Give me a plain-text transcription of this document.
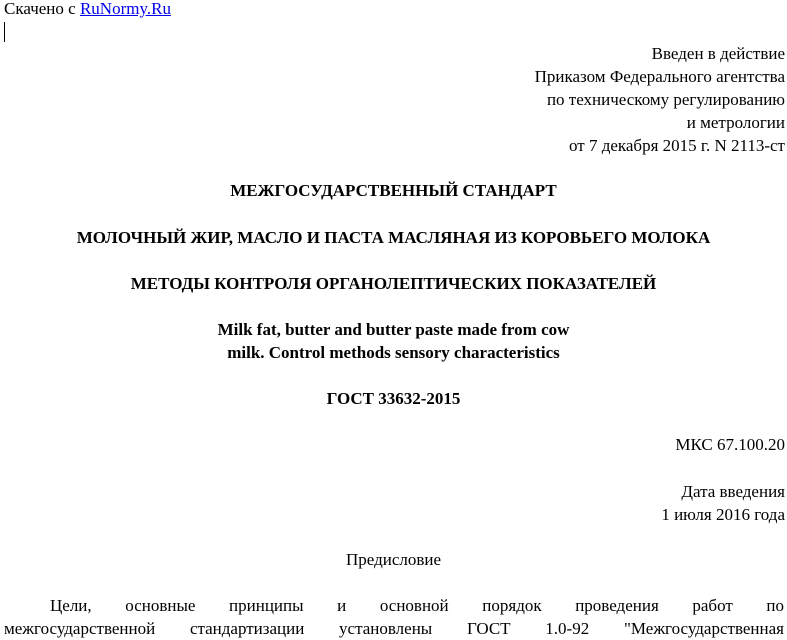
Скачено с RuNormy.Ru
Введен в действие
Приказом Федерального агентства
по техническому регулированию
и метрологии
от 7 декабря 2015 г. N 2113-ст
МЕЖГОСУДАРСТВЕННЫЙ СТАНДАРТ
МОЛОЧНЫЙ ЖИР, МАСЛО И ПАСТА МАСЛЯНАЯ ИЗ КОРОВЬЕГО МОЛОКА
МЕТОДЫ КОНТРОЛЯ ОРГАНОЛЕПТИЧЕСКИХ ПОКАЗАТЕЛЕЙ
Milk fat, butter and butter paste made from cow
milk. Control methods sensory characteristics
ГОСТ 33632-2015
МКС 67.100.20
Дата введения
1 июля 2016 года
Предисловие
Цели, основные принципы и основной порядок проведения работ по
межгосударственной стандартизации установлены ГОСТ 1.0-92 "Межгосударственная
